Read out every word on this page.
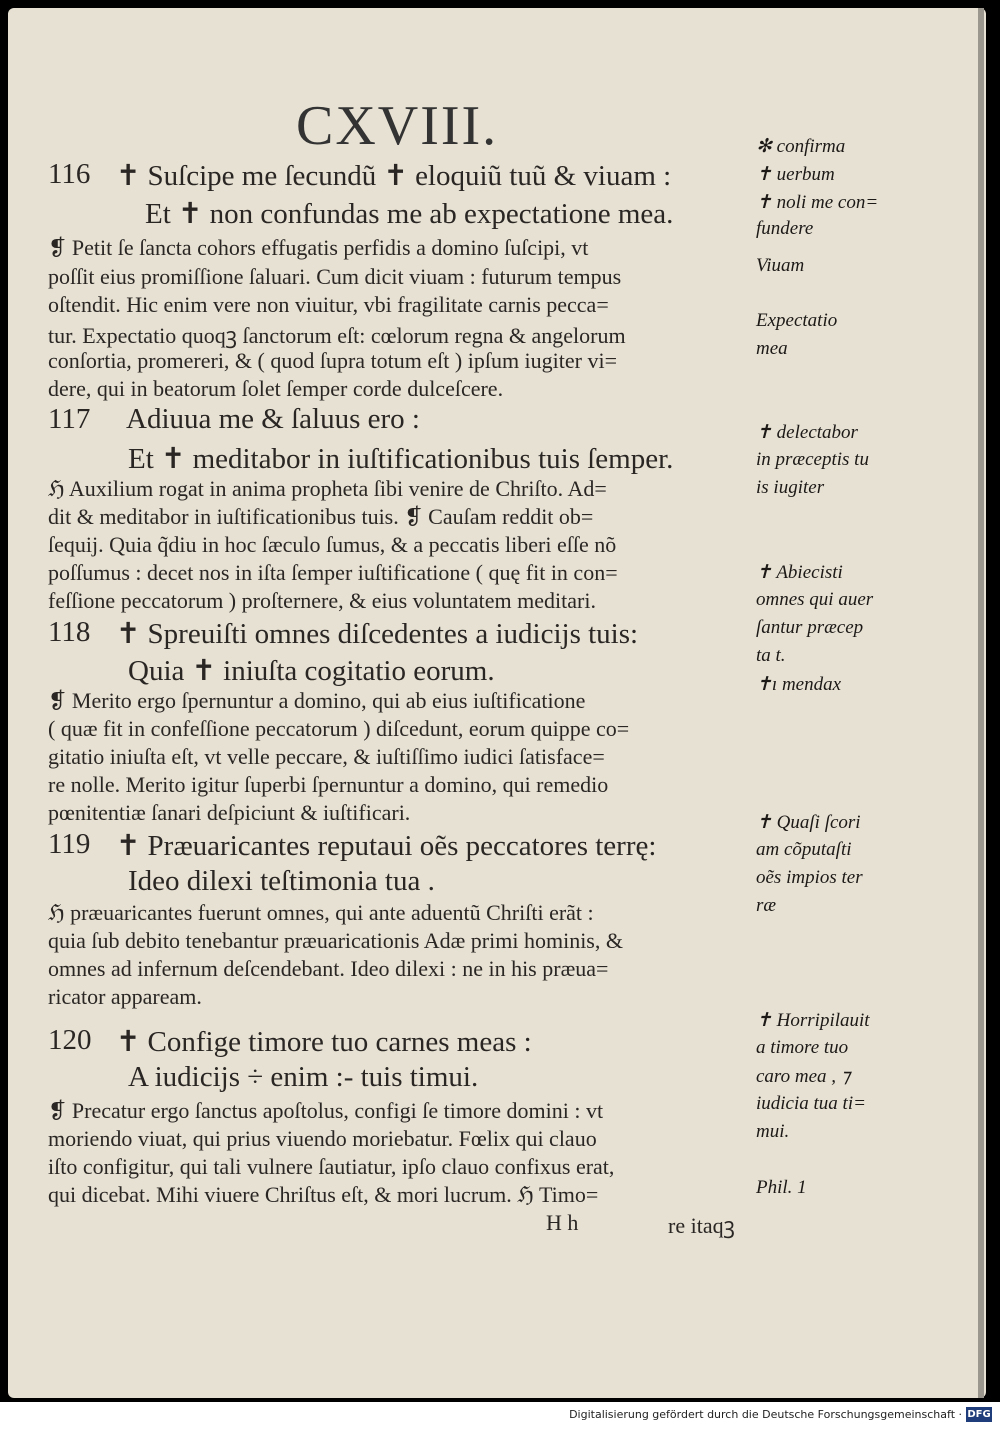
CXVIII.
116 ✝ Suſcipe me ſecundũ ✝ eloquiũ tuũ & viuam :
Et ✝ non confundas me ab expectatione mea.
❡ Petit ſe ſancta cohors effugatis perfidis a domino ſuſcipi, vt
poſſit eius promiſſione ſaluari. Cum dicit viuam : futurum tempus
oſtendit. Hic enim vere non viuitur, vbi fragilitate carnis pecca=
tur. Expectatio quoqꝫ ſanctorum eſt: cœlorum regna & angelorum
conſortia, promereri, & ( quod ſupra totum eſt ) ipſum iugiter vi=
dere, qui in beatorum ſolet ſemper corde dulceſcere.
117 Adiuua me & ſaluus ero :
Et ✝ meditabor in iuſtificationibus tuis ſemper.
ℌ Auxilium rogat in anima propheta ſibi venire de Chriſto. Ad=
dit & meditabor in iuſtificationibus tuis. ❡ Cauſam reddit ob=
ſequij. Quia q̃diu in hoc ſæculo ſumus, & a peccatis liberi eſſe nõ
poſſumus : decet nos in iſta ſemper iuſtificatione ( quę fit in con=
feſſione peccatorum ) proſternere, & eius voluntatem meditari.
118 ✝ Spreuiſti omnes diſcedentes a iudicijs tuis:
Quia ✝ iniuſta cogitatio eorum.
❡ Merito ergo ſpernuntur a domino, qui ab eius iuſtificatione
( quæ fit in confeſſione peccatorum ) diſcedunt, eorum quippe co=
gitatio iniuſta eſt, vt velle peccare, & iuſtiſſimo iudici ſatisface=
re nolle. Merito igitur ſuperbi ſpernuntur a domino, qui remedio
pœnitentiæ ſanari deſpiciunt & iuſtificari.
119 ✝ Præuaricantes reputaui oẽs peccatores terrę:
Ideo dilexi teſtimonia tua .
ℌ præuaricantes fuerunt omnes, qui ante aduentũ Chriſti erãt :
quia ſub debito tenebantur præuaricationis Adæ primi hominis, &
omnes ad infernum deſcendebant. Ideo dilexi : ne in his præua=
ricator appaream.
120 ✝ Confige timore tuo carnes meas :
A iudicijs ÷ enim :- tuis timui.
❡ Precatur ergo ſanctus apoſtolus, configi ſe timore domini : vt
moriendo viuat, qui prius viuendo moriebatur. Fœlix qui clauo
iſto configitur, qui tali vulnere ſautiatur, ipſo clauo confixus erat,
qui dicebat. Mihi viuere Chriſtus eſt, & mori lucrum. ℌ Timo=
H h	re itaqꝫ
✻ confirma
✝ uerbum
✝ noli me con=
fundere
Viuam
Expectatio
mea
✝ delectabor
in præceptis tu
is iugiter
✝ Abiecisti
omnes qui auer
ſantur præcep
ta t.
✝ı mendax
✝ Quaſi ſcori
am cõputaſti
oẽs impios ter
ræ
✝ Horripilauit
a timore tuo
caro mea , ⁊
iudicia tua ti=
mui.
Phil. 1
Digitalisierung gefördert durch die Deutsche Forschungsgemeinschaft · DFG
